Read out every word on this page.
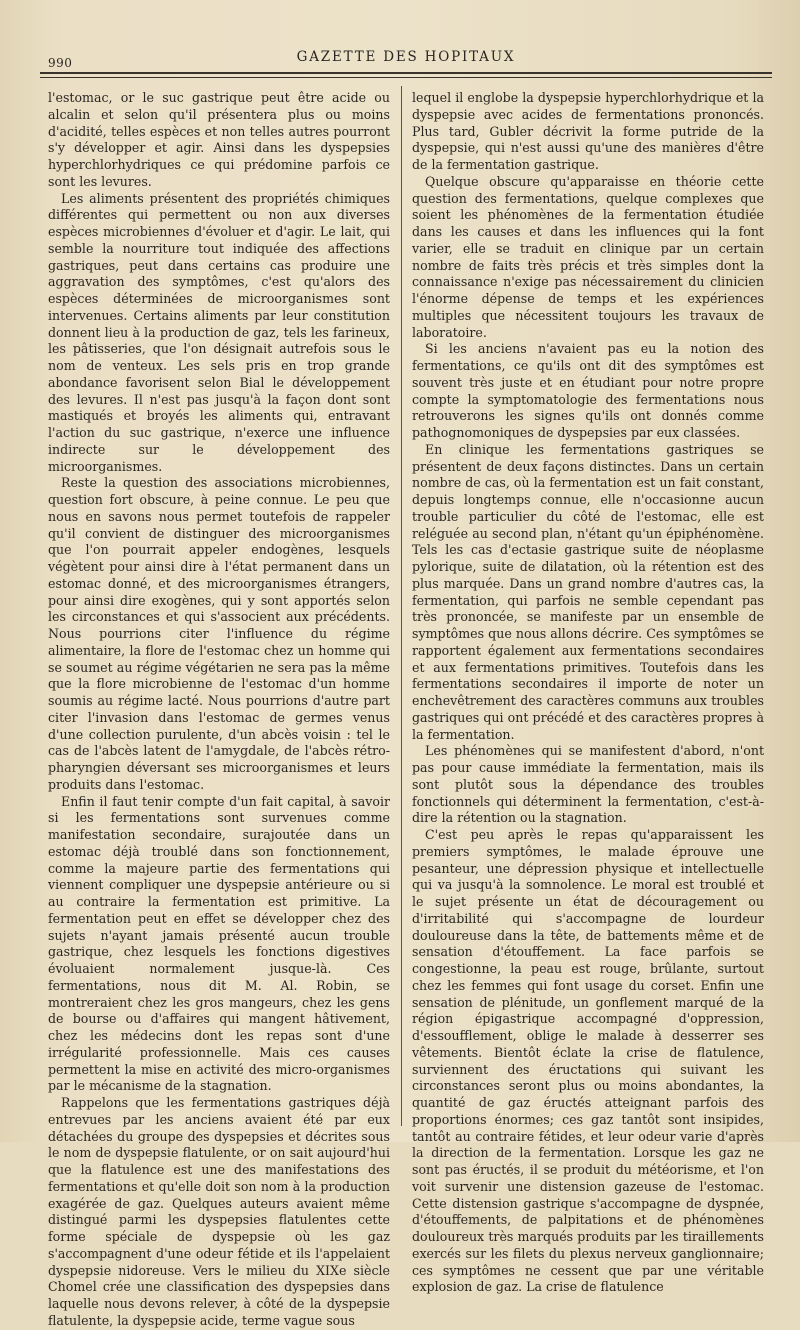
990	GAZETTE DES HOPITAUX

l'estomac, or le suc gastrique peut être acide ou alcalin et selon qu'il présentera plus ou moins d'acidité, telles espèces et non telles autres pourront s'y développer et agir. Ainsi dans les dyspepsies hyperchlorhydriques ce qui prédomine parfois ce sont les levures.

Les aliments présentent des propriétés chimiques différentes qui permettent ou non aux diverses espèces microbiennes d'évoluer et d'agir. Le lait, qui semble la nourriture tout indiquée des affections gastriques, peut dans certains cas produire une aggravation des symptômes, c'est qu'alors des espèces déterminées de microorganismes sont intervenues. Certains aliments par leur constitution donnent lieu à la production de gaz, tels les farineux, les pâtisseries, que l'on désignait autrefois sous le nom de venteux. Les sels pris en trop grande abondance favorisent selon Bial le développement des levures. Il n'est pas jusqu'à la façon dont sont mastiqués et broyés les aliments qui, entravant l'action du suc gastrique, n'exerce une influence indirecte sur le développement des microorganismes.

Reste la question des associations microbiennes, question fort obscure, à peine connue. Le peu que nous en savons nous permet toutefois de rappeler qu'il convient de distinguer des microorganismes que l'on pourrait appeler endogènes, lesquels végètent pour ainsi dire à l'état permanent dans un estomac donné, et des microorganismes étrangers, pour ainsi dire exogènes, qui y sont apportés selon les circonstances et qui s'associent aux précédents. Nous pourrions citer l'influence du régime alimentaire, la flore de l'estomac chez un homme qui se soumet au régime végétarien ne sera pas la même que la flore microbienne de l'estomac d'un homme soumis au régime lacté. Nous pourrions d'autre part citer l'invasion dans l'estomac de germes venus d'une collection purulente, d'un abcès voisin : tel le cas de l'abcès latent de l'amygdale, de l'abcès rétro-pharyngien déversant ses microorganismes et leurs produits dans l'estomac.

Enfin il faut tenir compte d'un fait capital, à savoir si les fermentations sont survenues comme manifestation secondaire, surajoutée dans un estomac déjà troublé dans son fonctionnement, comme la majeure partie des fermentations qui viennent compliquer une dyspepsie antérieure ou si au contraire la fermentation est primitive. La fermentation peut en effet se développer chez des sujets n'ayant jamais présenté aucun trouble gastrique, chez lesquels les fonctions digestives évoluaient normalement jusque-là. Ces fermentations, nous dit M. Al. Robin, se montreraient chez les gros mangeurs, chez les gens de bourse ou d'affaires qui mangent hâtivement, chez les médecins dont les repas sont d'une irrégularité professionnelle. Mais ces causes permettent la mise en activité des micro-organismes par le mécanisme de la stagnation.

Rappelons que les fermentations gastriques déjà entrevues par les anciens avaient été par eux détachées du groupe des dyspepsies et décrites sous le nom de dyspepsie flatulente, or on sait aujourd'hui que la flatulence est une des manifestations des fermentations et qu'elle doit son nom à la production exagérée de gaz. Quelques auteurs avaient même distingué parmi les dyspepsies flatulentes cette forme spéciale de dyspepsie où les gaz s'accompagnent d'une odeur fétide et ils l'appelaient dyspepsie nidoreuse. Vers le milieu du XIXe siècle Chomel crée une classification des dyspepsies dans laquelle nous devons relever, à côté de la dyspepsie flatulente, la dyspepsie acide, terme vague sous

lequel il englobe la dyspepsie hyperchlorhydrique et la dyspepsie avec acides de fermentations prononcés. Plus tard, Gubler décrivit la forme putride de la dyspepsie, qui n'est aussi qu'une des manières d'être de la fermentation gastrique.

Quelque obscure qu'apparaisse en théorie cette question des fermentations, quelque complexes que soient les phénomènes de la fermentation étudiée dans les causes et dans les influences qui la font varier, elle se traduit en clinique par un certain nombre de faits très précis et très simples dont la connaissance n'exige pas nécessairement du clinicien l'énorme dépense de temps et les expériences multiples que nécessitent toujours les travaux de laboratoire.

Si les anciens n'avaient pas eu la notion des fermentations, ce qu'ils ont dit des symptômes est souvent très juste et en étudiant pour notre propre compte la symptomatologie des fermentations nous retrouverons les signes qu'ils ont donnés comme pathognomoniques de dyspepsies par eux classées.

En clinique les fermentations gastriques se présentent de deux façons distinctes. Dans un certain nombre de cas, où la fermentation est un fait constant, depuis longtemps connue, elle n'occasionne aucun trouble particulier du côté de l'estomac, elle est reléguée au second plan, n'étant qu'un épiphénomène. Tels les cas d'ectasie gastrique suite de néoplasme pylorique, suite de dilatation, où la rétention est des plus marquée. Dans un grand nombre d'autres cas, la fermentation, qui parfois ne semble cependant pas très prononcée, se manifeste par un ensemble de symptômes que nous allons décrire. Ces symptômes se rapportent également aux fermentations secondaires et aux fermentations primitives. Toutefois dans les fermentations secondaires il importe de noter un enchevêtrement des caractères communs aux troubles gastriques qui ont précédé et des caractères propres à la fermentation.

Les phénomènes qui se manifestent d'abord, n'ont pas pour cause immédiate la fermentation, mais ils sont plutôt sous la dépendance des troubles fonctionnels qui déterminent la fermentation, c'est-à-dire la rétention ou la stagnation.

C'est peu après le repas qu'apparaissent les premiers symptômes, le malade éprouve une pesanteur, une dépression physique et intellectuelle qui va jusqu'à la somnolence. Le moral est troublé et le sujet présente un état de découragement ou d'irritabilité qui s'accompagne de lourdeur douloureuse dans la tête, de battements même et de sensation d'étouffement. La face parfois se congestionne, la peau est rouge, brûlante, surtout chez les femmes qui font usage du corset. Enfin une sensation de plénitude, un gonflement marqué de la région épigastrique accompagné d'oppression, d'essoufflement, oblige le malade à desserrer ses vêtements. Bientôt éclate la crise de flatulence, surviennent des éructations qui suivant les circonstances seront plus ou moins abondantes, la quantité de gaz éructés atteignant parfois des proportions énormes; ces gaz tantôt sont insipides, tantôt au contraire fétides, et leur odeur varie d'après la direction de la fermentation. Lorsque les gaz ne sont pas éructés, il se produit du météorisme, et l'on voit survenir une distension gazeuse de l'estomac. Cette distension gastrique s'accompagne de dyspnée, d'étouffements, de palpitations et de phénomènes douloureux très marqués produits par les tiraillements exercés sur les filets du plexus nerveux ganglionnaire; ces symptômes ne cessent que par une véritable explosion de gaz. La crise de flatulence
